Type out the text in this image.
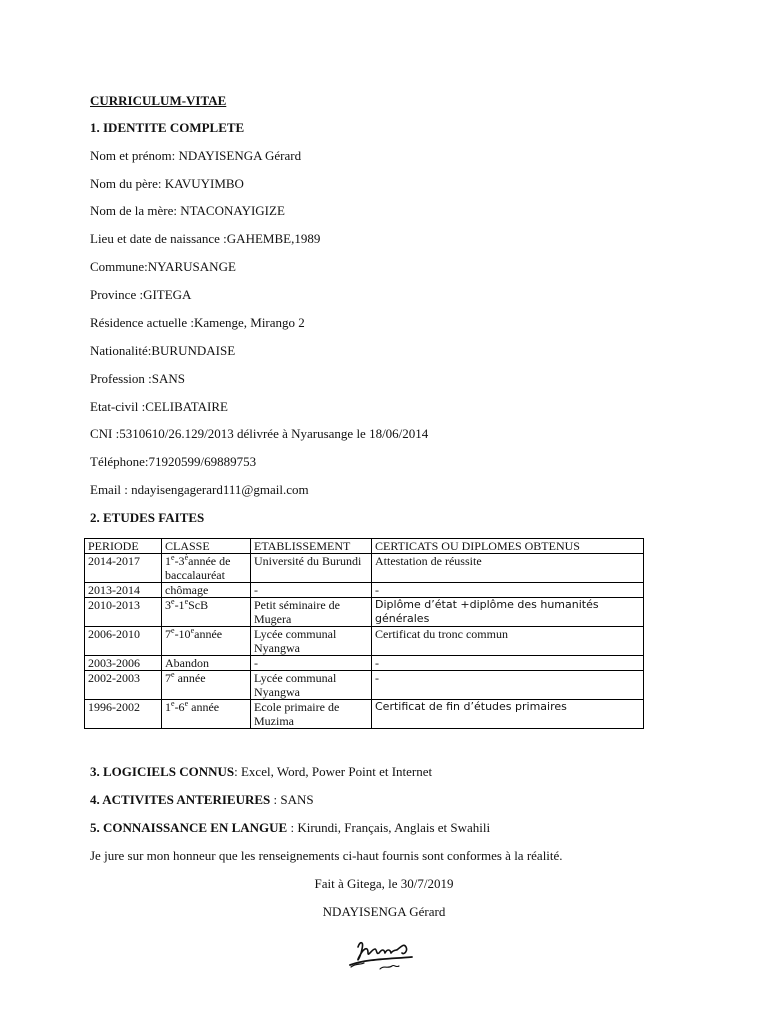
CURRICULUM-VITAE
1. IDENTITE COMPLETE
Nom et prénom: NDAYISENGA Gérard
Nom du père: KAVUYIMBO
Nom de la mère: NTACONAYIGIZE
Lieu et date de naissance :GAHEMBE,1989
Commune:NYARUSANGE
Province :GITEGA
Résidence actuelle :Kamenge, Mirango 2
Nationalité:BURUNDAISE
Profession :SANS
Etat-civil :CELIBATAIRE
CNI :5310610/26.129/2013 délivrée à Nyarusange le 18/06/2014
Téléphone:71920599/69889753
Email : ndayisengagerard111@gmail.com
2. ETUDES FAITES
PERIODE	CLASSE	ETABLISSEMENT	CERTICATS OU DIPLOMES OBTENUS
2014-2017	$1e-3^èannée$ de baccalauréat	Université du Burundi	Attestation de réussite
2013-2014	chômage	-	-
2010-2013	3e-1eScB	Petit séminaire de Mugera	Diplôme d’état +diplôme des humanités générales
2006-2010	7e-10eannée	Lycée communal Nyangwa	Certificat du tronc commun
2003-2006	Abandon	-	-
2002-2003	7e année	Lycée communal Nyangwa	-
1996-2002	1e-6e année	Ecole primaire de Muzima	Certificat de fin d’études primaires
3. LOGICIELS CONNUS: Excel, Word, Power Point et Internet
4. ACTIVITES ANTERIEURES : SANS
5. CONNAISSANCE EN LANGUE : Kirundi, Français, Anglais et Swahili
Je jure sur mon honneur que les renseignements ci-haut fournis sont conformes à la réalité.
Fait à Gitega, le 30/7/2019
NDAYISENGA Gérard
